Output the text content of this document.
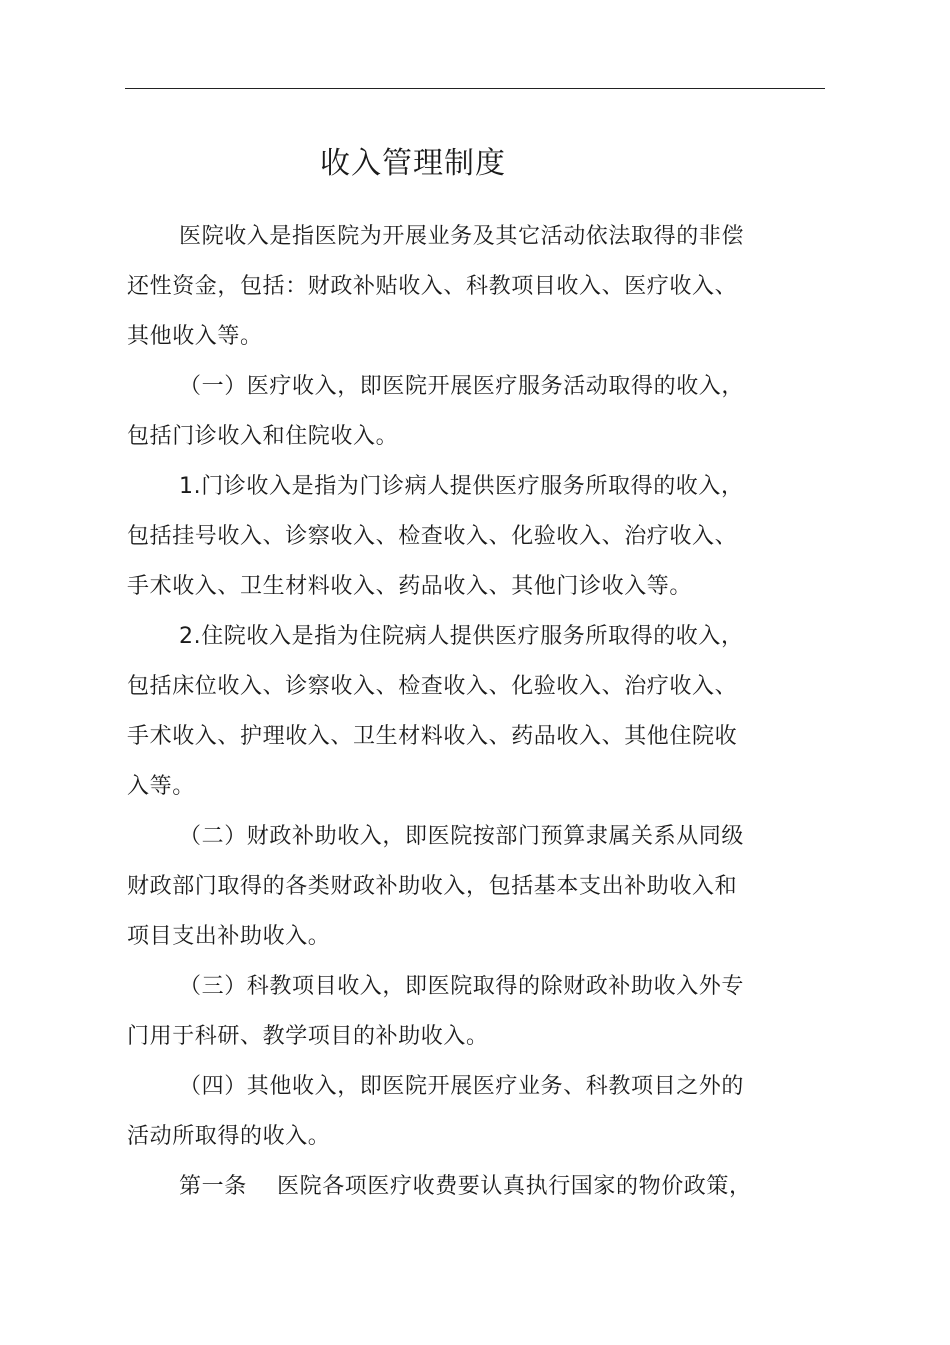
收入管理制度
医院收入是指医院为开展业务及其它活动依法取得的非偿
还性资金，包括：财政补贴收入、科教项目收入、医疗收入、
其他收入等。
（一）医疗收入，即医院开展医疗服务活动取得的收入，
包括门诊收入和住院收入。
1.门诊收入是指为门诊病人提供医疗服务所取得的收入，
包括挂号收入、诊察收入、检查收入、化验收入、治疗收入、
手术收入、卫生材料收入、药品收入、其他门诊收入等。
2.住院收入是指为住院病人提供医疗服务所取得的收入，
包括床位收入、诊察收入、检查收入、化验收入、治疗收入、
手术收入、护理收入、卫生材料收入、药品收入、其他住院收
入等。
（二）财政补助收入，即医院按部门预算隶属关系从同级
财政部门取得的各类财政补助收入，包括基本支出补助收入和
项目支出补助收入。
（三）科教项目收入，即医院取得的除财政补助收入外专
门用于科研、教学项目的补助收入。
（四）其他收入，即医院开展医疗业务、科教项目之外的
活动所取得的收入。
第一条　 医院各项医疗收费要认真执行国家的物价政策，
